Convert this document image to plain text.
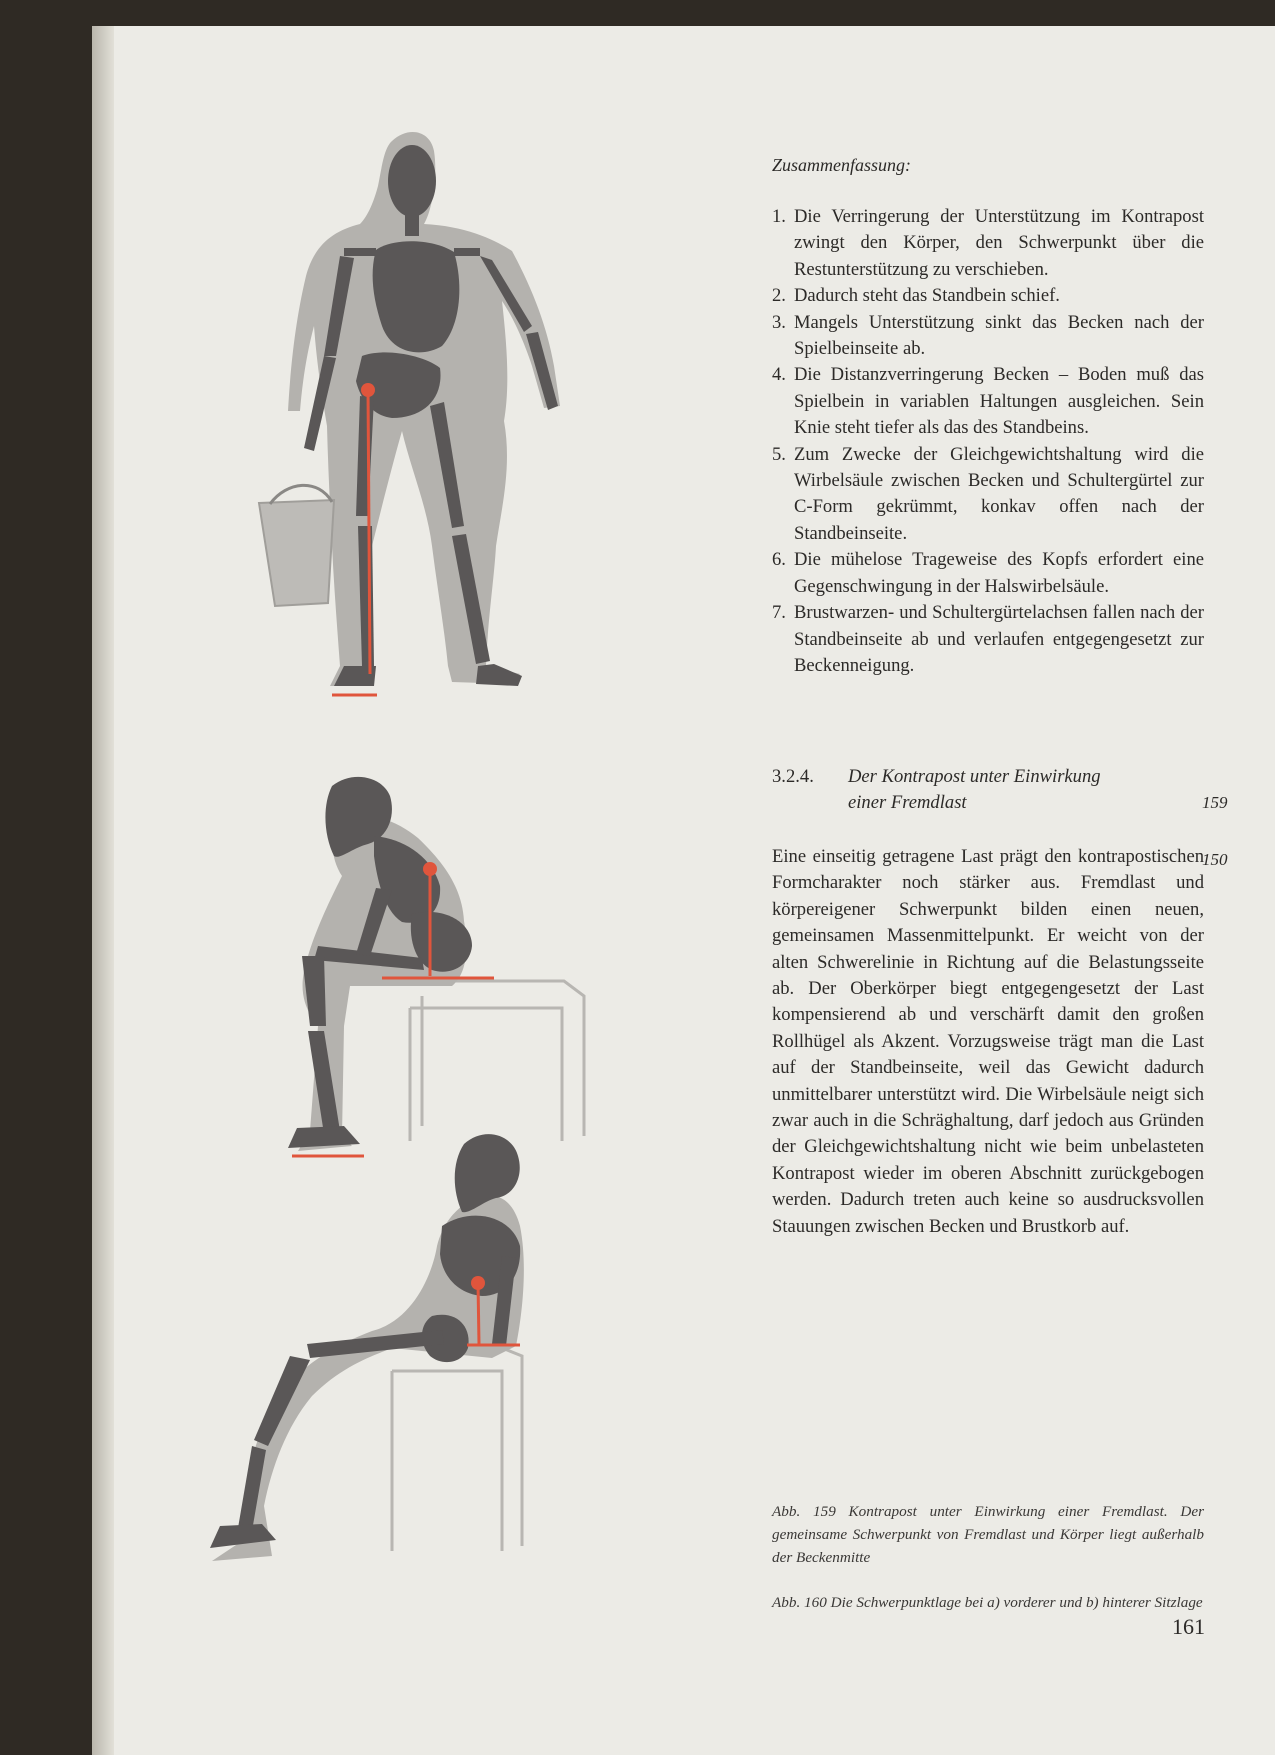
Zusammenfassung:
1. Die Verringerung der Unterstützung im Kontrapost zwingt den Körper, den Schwerpunkt über die Restunterstützung zu verschieben.
2. Dadurch steht das Standbein schief.
3. Mangels Unterstützung sinkt das Becken nach der Spielbeinseite ab.
4. Die Distanzverringerung Becken – Boden muß das Spielbein in variablen Haltungen ausgleichen. Sein Knie steht tiefer als das des Standbeins.
5. Zum Zwecke der Gleichgewichtshaltung wird die Wirbelsäule zwischen Becken und Schultergürtel zur C-Form gekrümmt, konkav offen nach der Standbeinseite.
6. Die mühelose Trageweise des Kopfs erfordert eine Gegenschwingung in der Halswirbelsäule.
7. Brustwarzen- und Schultergürtelachsen fallen nach der Standbeinseite ab und verlaufen entgegengesetzt zur Beckenneigung.
3.2.4. Der Kontrapost unter Einwirkung
einer Fremdlast	159
150
Eine einseitig getragene Last prägt den kontrapostischen Formcharakter noch stärker aus. Fremdlast und körpereigener Schwerpunkt bilden einen neuen, gemeinsamen Massenmittelpunkt. Er weicht von der alten Schwerelinie in Richtung auf die Belastungsseite ab. Der Oberkörper biegt entgegengesetzt der Last kompensierend ab und verschärft damit den großen Rollhügel als Akzent. Vorzugsweise trägt man die Last auf der Standbeinseite, weil das Gewicht dadurch unmittelbarer unterstützt wird. Die Wirbelsäule neigt sich zwar auch in die Schräghaltung, darf jedoch aus Gründen der Gleichgewichtshaltung nicht wie beim unbelasteten Kontrapost wieder im oberen Abschnitt zurückgebogen werden. Dadurch treten auch keine so ausdrucksvollen Stauungen zwischen Becken und Brustkorb auf.
Abb. 159 Kontrapost unter Einwirkung einer Fremdlast. Der gemeinsame Schwerpunkt von Fremdlast und Körper liegt außerhalb der Beckenmitte
Abb. 160 Die Schwerpunktlage bei a) vorderer und b) hinterer Sitzlage
161
